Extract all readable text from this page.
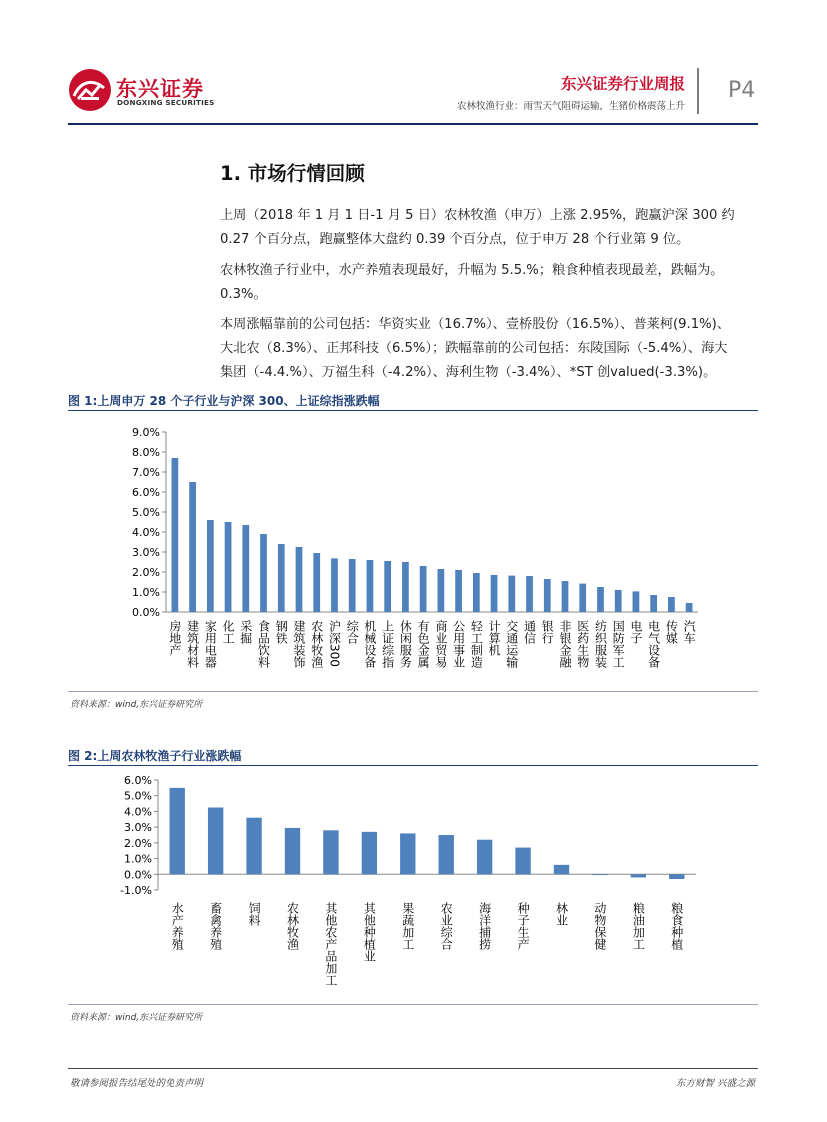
东兴证券
DONGXING SECURITIES
东兴证券行业周报
农林牧渔行业：雨雪天气阻碍运输，生猪价格震荡上升
P4
1. 市场行情回顾
上周（2018 年 1 月 1 日-1 月 5 日）农林牧渔（申万）上涨 2.95%，跑赢沪深 300 约
0.27 个百分点，跑赢整体大盘约 0.39 个百分点，位于申万 28 个行业第 9 位。
农林牧渔子行业中，水产养殖表现最好，升幅为 5.5.%；粮食种植表现最差，跌幅为。
0.3%。
本周涨幅靠前的公司包括：华资实业（16.7%）、壹桥股份（16.5%）、普莱柯(9.1%)、
大北农（8.3%）、正邦科技（6.5%）；跌幅靠前的公司包括：东陵国际（-5.4%）、海大
集团（-4.4.%）、万福生科（-4.2%）、海利生物（-3.4%）、*ST 创valued(-3.3%)。
图 1:上周申万 28 个子行业与沪深 300、上证综指涨跌幅
0.0%
1.0%
2.0%
3.0%
4.0%
5.0%
6.0%
7.0%
8.0%
9.0%
房地产 建筑材料 家用电器 化工 采掘 食品饮料 钢铁 建筑装饰 农林牧渔 沪深300 综合 机械设备 上证综指 休闲服务 有色金属 商业贸易 公用事业 轻工制造 计算机 交通运输 通信 银行 非银金融 医药生物 纺织服装 国防军工 电子 电气设备 传媒 汽车
资料来源：wind,东兴证券研究所
图 2:上周农林牧渔子行业涨跌幅
-1.0%
0.0%
1.0%
2.0%
3.0%
4.0%
5.0%
6.0%
水产养殖 畜禽养殖 饲料 农林牧渔 其他农产品加工 其他种植业 果蔬加工 农业综合 海洋捕捞 种子生产 林业 动物保健 粮油加工 粮食种植
资料来源：wind,东兴证券研究所
敬请参阅报告结尾处的免责声明	东方财智 兴盛之源
